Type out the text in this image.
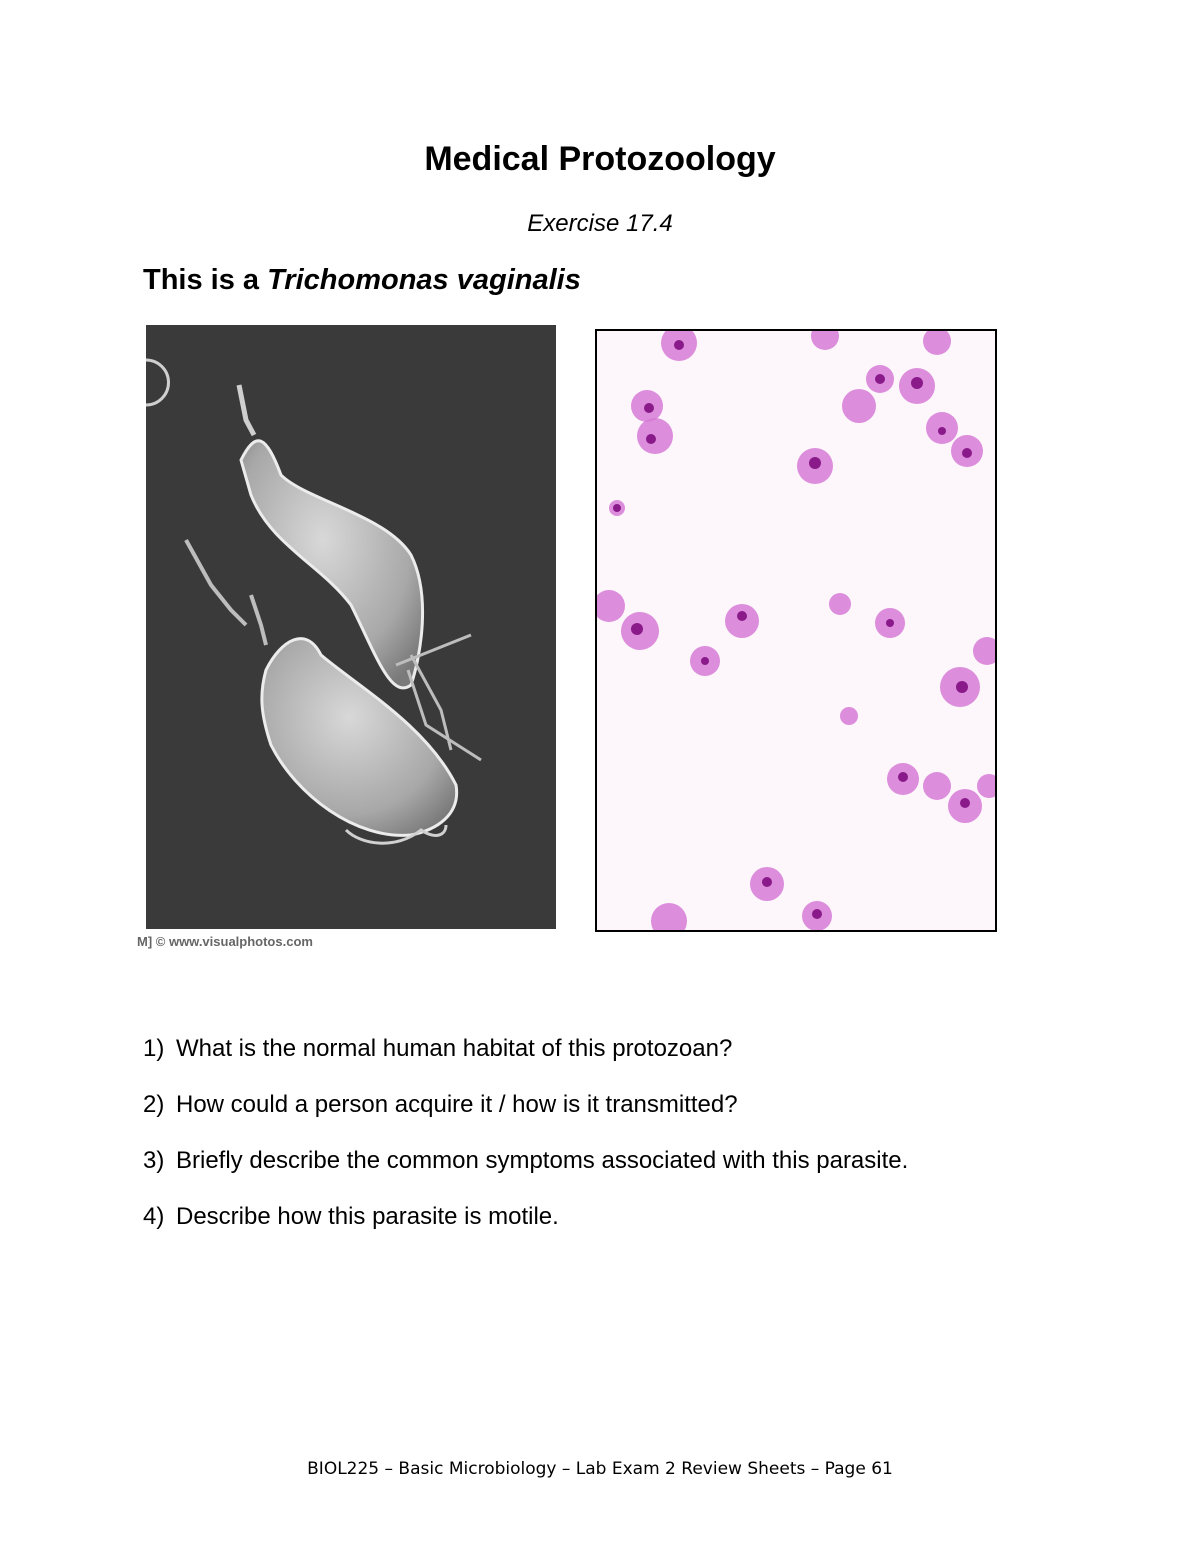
Medical Protozoology
Exercise 17.4
This is a Trichomonas vaginalis
M] © www.visualphotos.com
1) What is the normal human habitat of this protozoan?
2) How could a person acquire it / how is it transmitted?
3) Briefly describe the common symptoms associated with this parasite.
4) Describe how this parasite is motile.
BIOL225 – Basic Microbiology – Lab Exam 2 Review Sheets – Page 61
